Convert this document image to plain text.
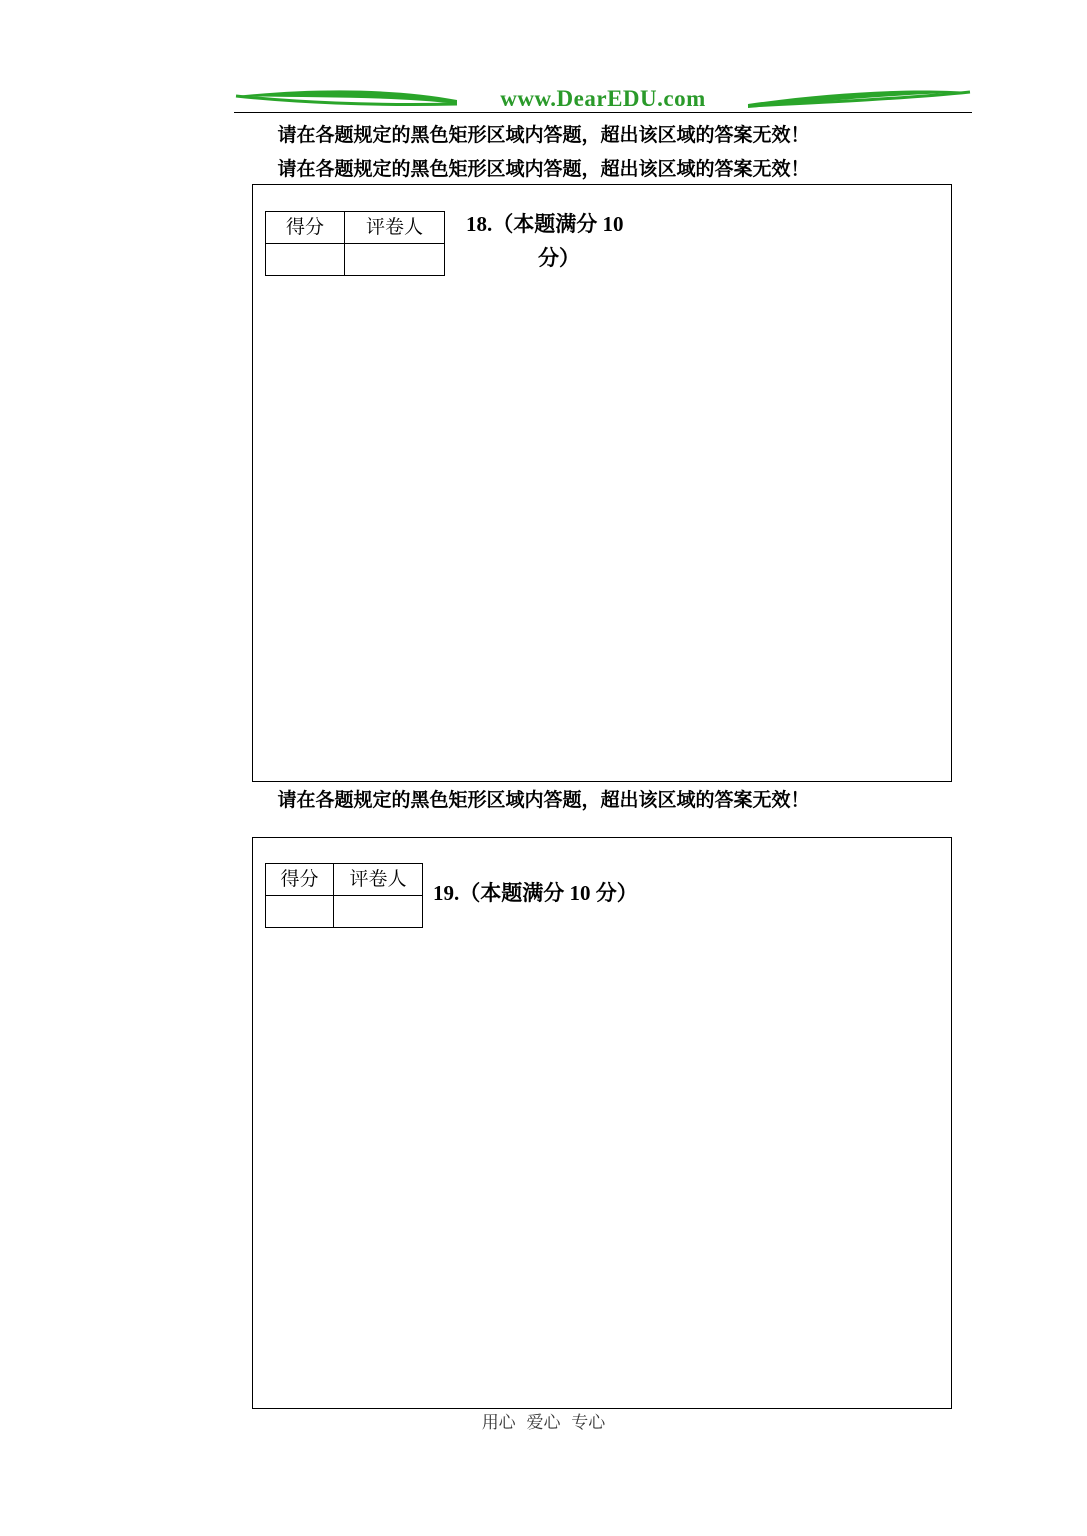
www.DearEDU.com
请在各题规定的黑色矩形区域内答题，超出该区域的答案无效！
请在各题规定的黑色矩形区域内答题，超出该区域的答案无效！
得分	评卷人
	18.（本题满分 10
分）
请在各题规定的黑色矩形区域内答题，超出该区域的答案无效！
得分	评卷人

19.（本题满分 10 分）
用心  爱心  专心
